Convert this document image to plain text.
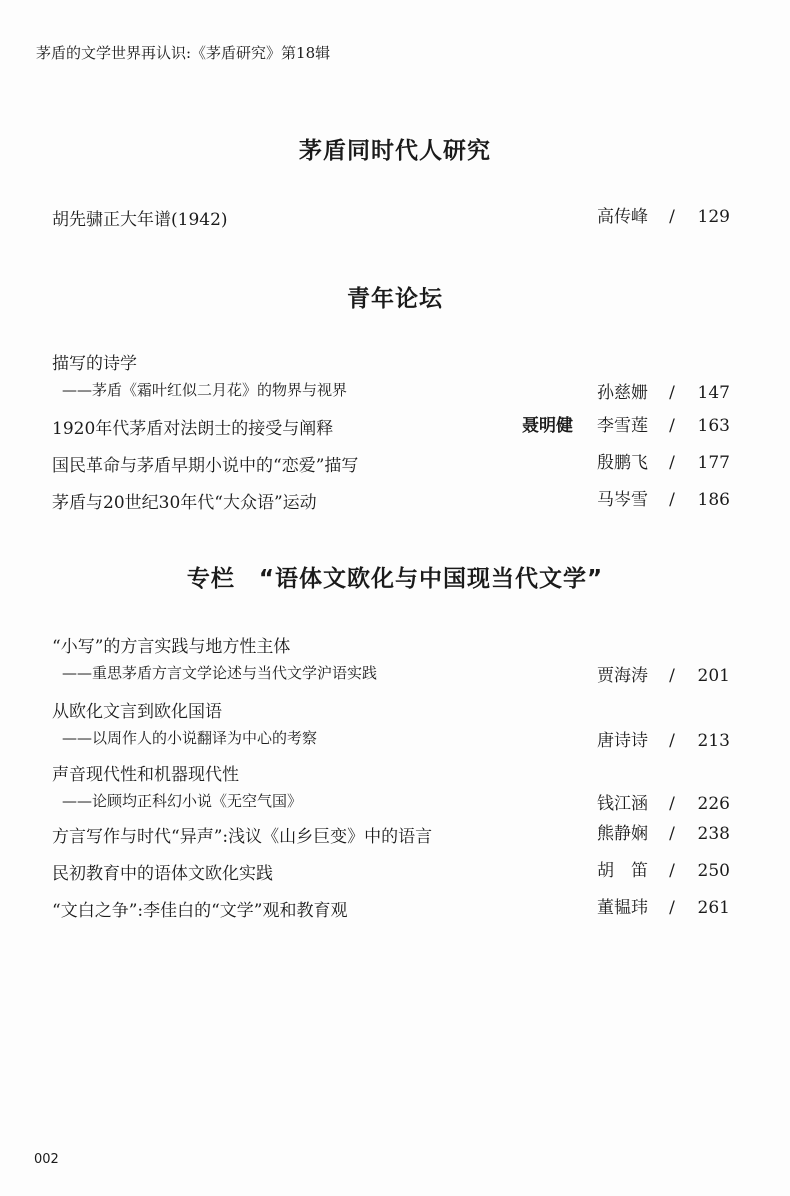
茅盾的文学世界再认识:《茅盾研究》第18辑
茅盾同时代人研究
胡先骕正大年谱(1942)	高传峰 / 129
青年论坛
描写的诗学
——茅盾《霜叶红似二月花》的物界与视界	孙慈姗 / 147
1920年代茅盾对法朗士的接受与阐释	聂明健 李雪莲 / 163
国民革命与茅盾早期小说中的“恋爱”描写	殷鹏飞 / 177
茅盾与20世纪30年代“大众语”运动	马岑雪 / 186
专栏 “语体文欧化与中国现当代文学”
“小写”的方言实践与地方性主体
——重思茅盾方言文学论述与当代文学沪语实践	贾海涛 / 201
从欧化文言到欧化国语
——以周作人的小说翻译为中心的考察	唐诗诗 / 213
声音现代性和机器现代性
——论顾均正科幻小说《无空气国》	钱江涵 / 226
方言写作与时代“异声”:浅议《山乡巨变》中的语言	熊静娴 / 238
民初教育中的语体文欧化实践	胡　笛 / 250
“文白之争”:李佳白的“文学”观和教育观	董韫玮 / 261
002
